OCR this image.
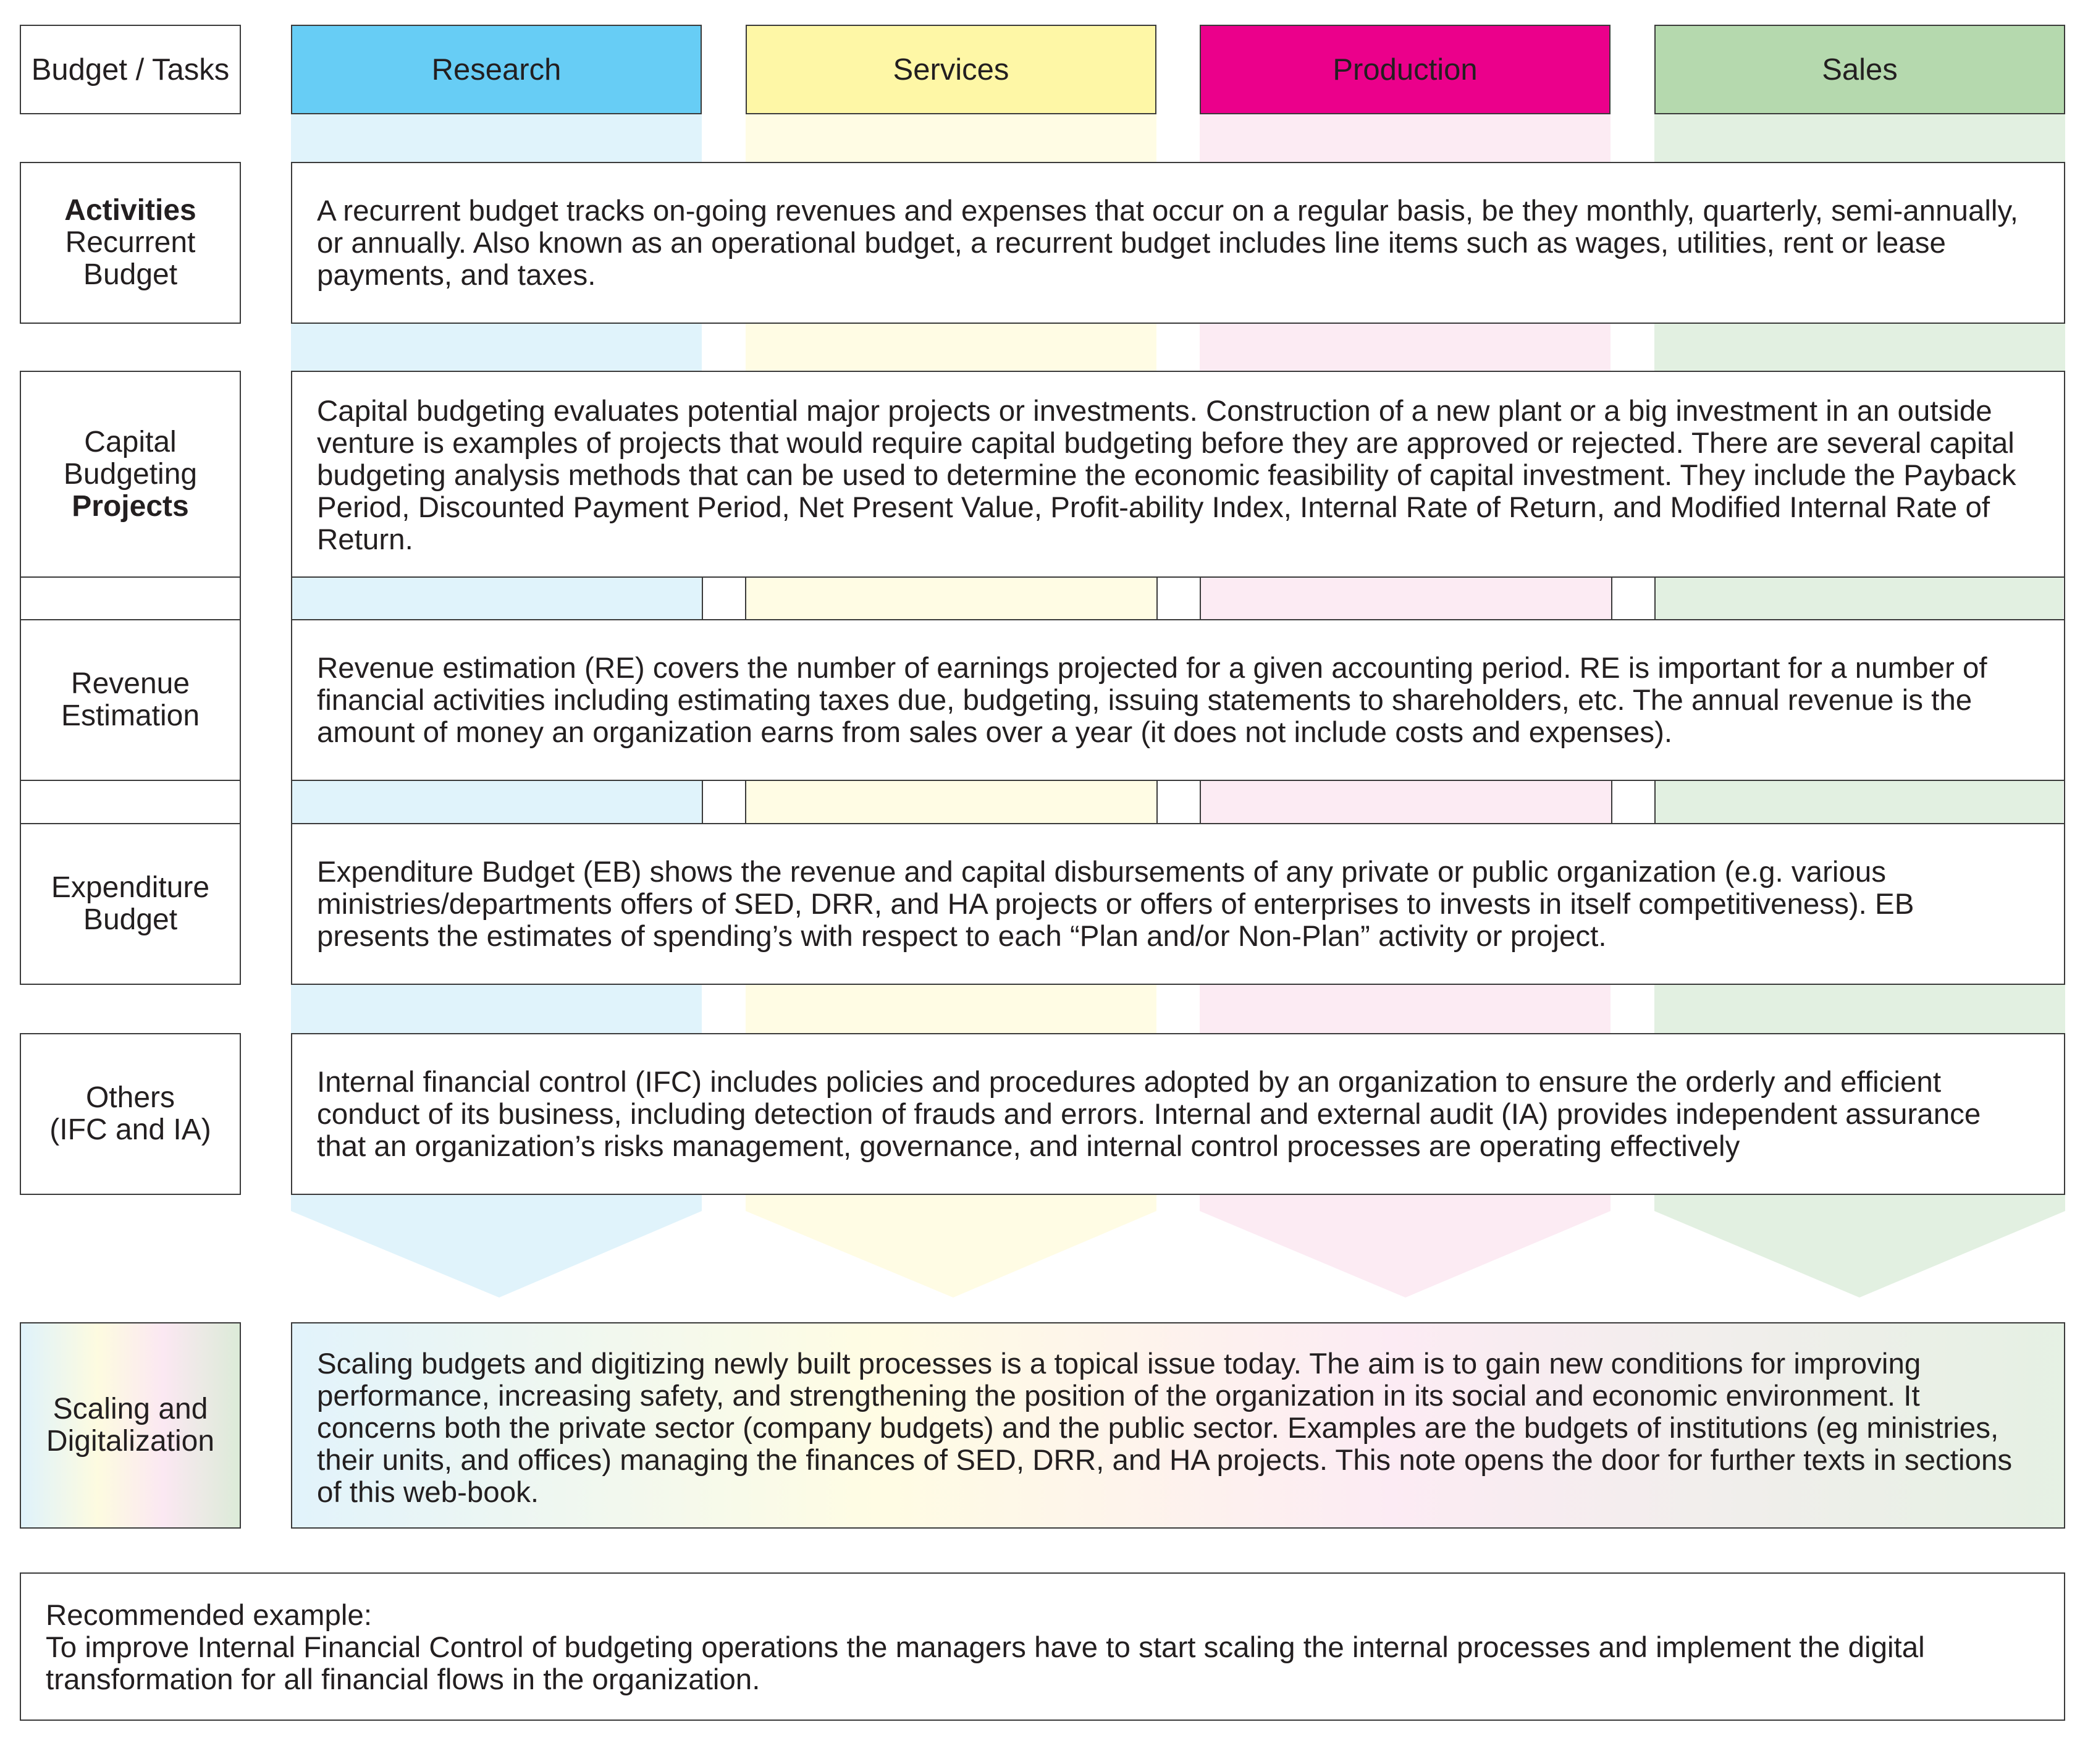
Budget / Tasks	Research	Services	Production	Sales
Activities
Recurrent
Budget
A recurrent budget tracks on-going revenues and expenses that occur on a regular basis, be they monthly, quarterly, semi-annually, or annually. Also known as an operational budget, a recurrent budget includes line items such as wages, utilities, rent or lease payments, and taxes.
Capital
Budgeting
Projects
Capital budgeting evaluates potential major projects or investments. Construction of a new plant or a big investment in an outside venture is examples of projects that would require capital budgeting before they are approved or rejected. There are several capital budgeting analysis methods that can be used to determine the economic feasibility of capital investment. They include the Payback Period, Discounted Payment Period, Net Present Value, Profit-ability Index, Internal Rate of Return, and Modified Internal Rate of Return.
Revenue
Estimation
Revenue estimation (RE) covers the number of earnings projected for a given accounting period. RE is important for a number of financial activities including estimating taxes due, budgeting, issuing statements to shareholders, etc. The annual revenue is the amount of money an organization earns from sales over a year (it does not include costs and expenses).
Expenditure
Budget
Expenditure Budget (EB) shows the revenue and capital disbursements of any private or public organization (e.g. various ministries/departments offers of SED, DRR, and HA projects or offers of enterprises to invests in itself competitiveness). EB presents the estimates of spending’s with respect to each “Plan and/or Non-Plan” activity or project.
Others
(IFC and IA)
Internal financial control (IFC) includes policies and procedures adopted by an organization to ensure the orderly and efficient conduct of its business, including detection of frauds and errors. Internal and external audit (IA) provides independent assurance that an organization’s risks management, governance, and internal control processes are operating effectively
Scaling and
Digitalization
Scaling budgets and digitizing newly built processes is a topical issue today. The aim is to gain new conditions for improving performance, increasing safety, and strengthening the position of the organization in its social and economic environment. It concerns both the private sector (company budgets) and the public sector. Examples are the budgets of institutions (eg ministries, their units, and offices) managing the finances of SED, DRR, and HA projects. This note opens the door for further texts in sections of this web-book.
Recommended example:
To improve Internal Financial Control of budgeting operations the managers have to start scaling the internal processes and implement the digital transformation for all financial flows in the organization.
